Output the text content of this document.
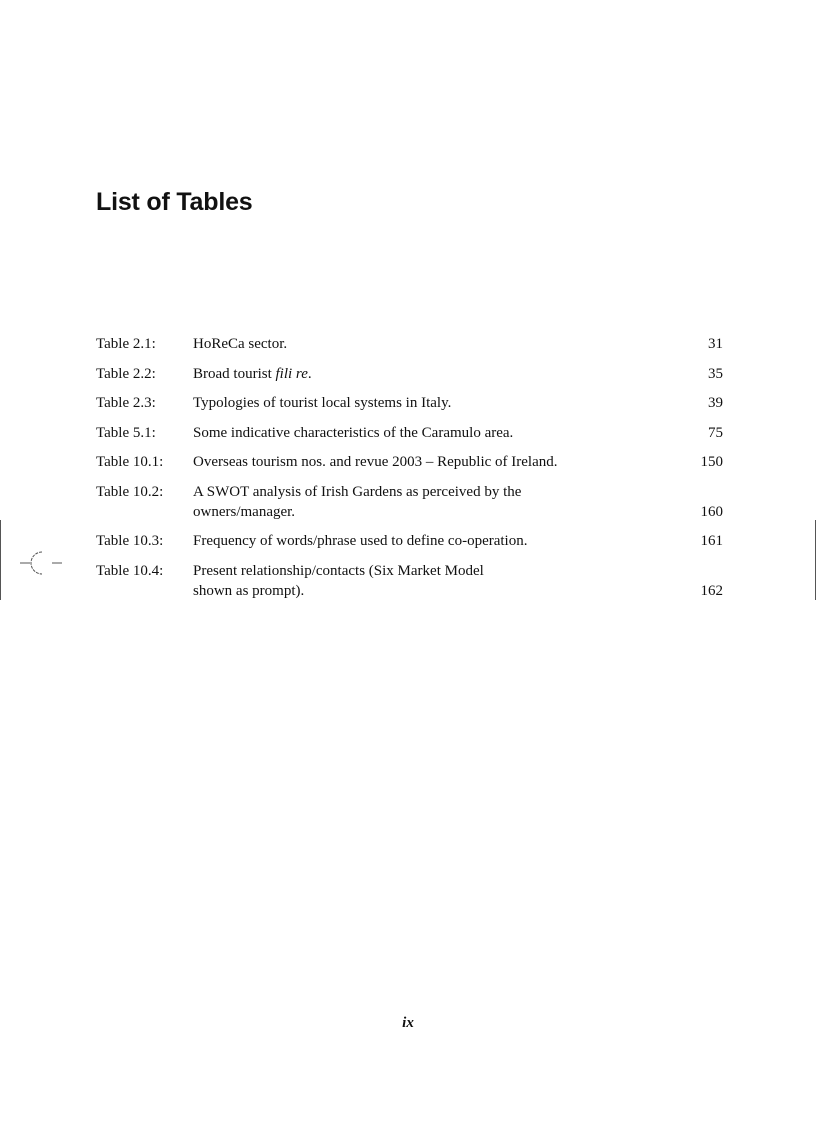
List of Tables
Table 2.1: HoReCa sector.	31
Table 2.2: Broad tourist fili re.	35
Table 2.3: Typologies of tourist local systems in Italy.	39
Table 5.1: Some indicative characteristics of the Caramulo area.	75
Table 10.1: Overseas tourism nos. and revue 2003 – Republic of Ireland.	150
Table 10.2: A SWOT analysis of Irish Gardens as perceived by the
owners/manager.	160
Table 10.3: Frequency of words/phrase used to define co-operation.	161
Table 10.4: Present relationship/contacts (Six Market Model
shown as prompt).	162
ix
